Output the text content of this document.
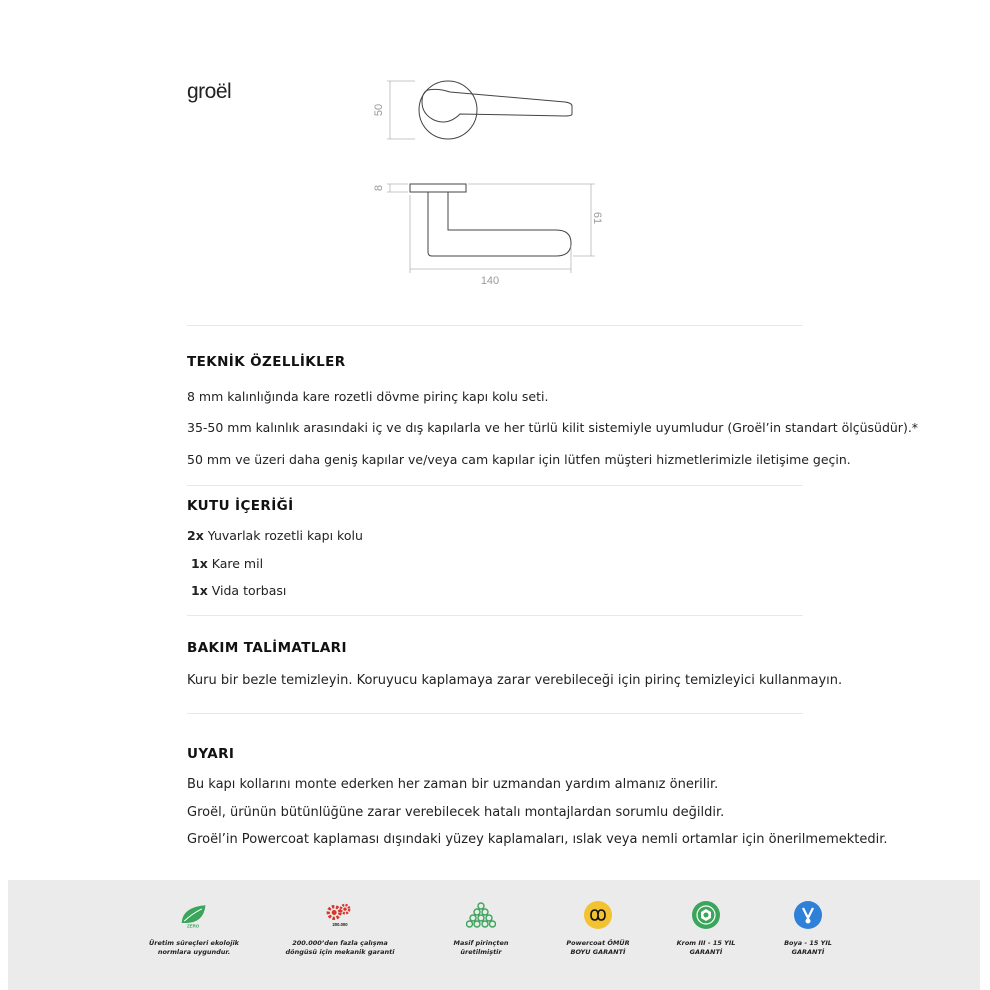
groël
50
8
61
140
TEKNİK ÖZELLİKLER
8 mm kalınlığında kare rozetli dövme pirinç kapı kolu seti.
35-50 mm kalınlık arasındaki iç ve dış kapılarla ve her türlü kilit sistemiyle uyumludur (Groël’in standart ölçüsüdür).*
50 mm ve üzeri daha geniş kapılar ve/veya cam kapılar için lütfen müşteri hizmetlerimizle iletişime geçin.
KUTU İÇERİĞİ
2x Yuvarlak rozetli kapı kolu
1x Kare mil
1x Vida torbası
BAKIM TALİMATLARI
Kuru bir bezle temizleyin. Koruyucu kaplamaya zarar verebileceği için pirinç temizleyici kullanmayın.
UYARI
Bu kapı kollarını monte ederken her zaman bir uzmandan yardım almanız önerilir.
Groël, ürünün bütünlüğüne zarar verebilecek hatalı montajlardan sorumlu değildir.
Groël’in Powercoat kaplaması dışındaki yüzey kaplamaları, ıslak veya nemli ortamlar için önerilmemektedir.
ZERO
Üretim süreçleri ekolojik
normlara uygundur.
200.000
200.000’den fazla çalışma
döngüsü için mekanik garanti
Masif pirinçten
üretilmiştir
Powercoat ÖMÜR
BOYU GARANTİ
Krom III - 15 YIL
GARANTİ
Boya - 15 YIL
GARANTİ
